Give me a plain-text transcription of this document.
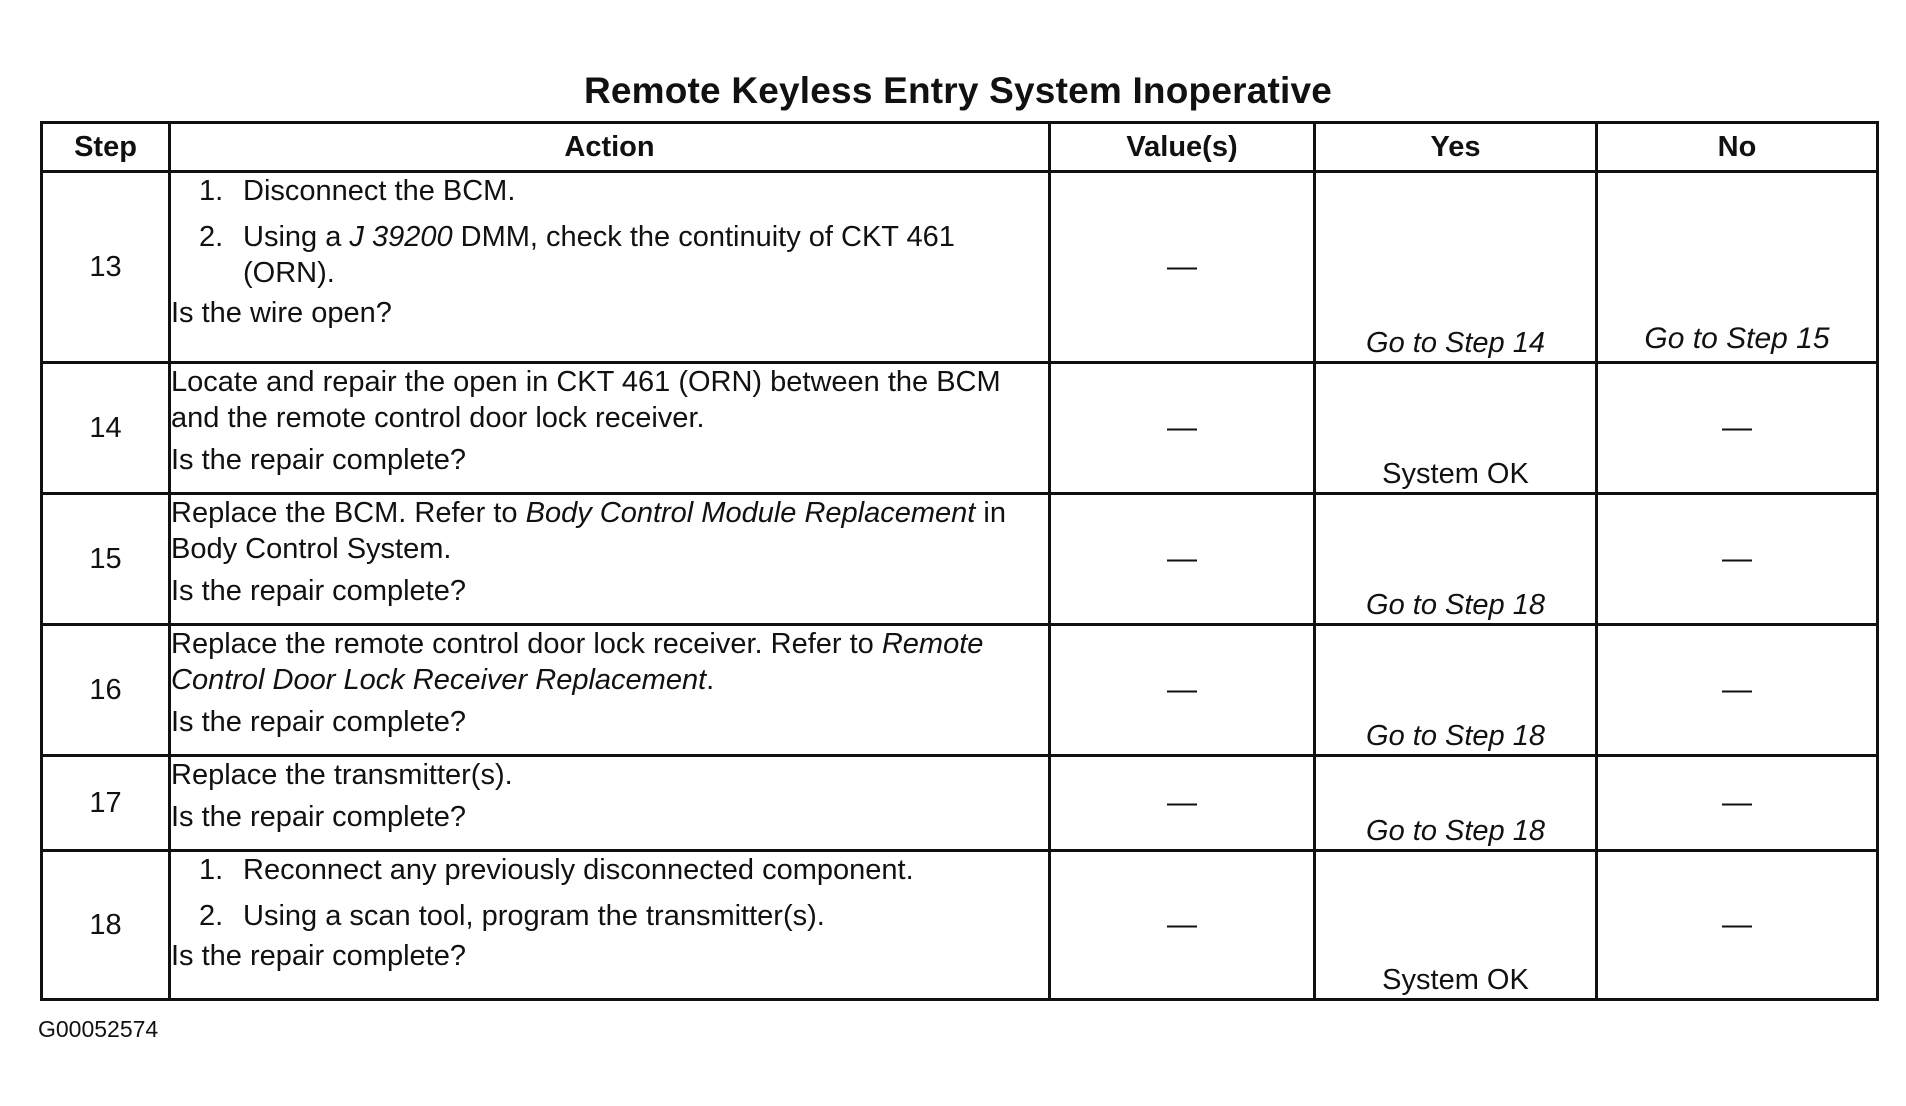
Remote Keyless Entry System Inoperative
Step	Action	Value(s)	Yes	No
13	1. Disconnect the BCM.
2. Using a J 39200 DMM, check the continuity of CKT 461 (ORN).
Is the wire open?	—	Go to Step 14	Go to Step 15
14	Locate and repair the open in CKT 461 (ORN) between the BCM and the remote control door lock receiver.
Is the repair complete?	—	System OK	—
15	Replace the BCM. Refer to Body Control Module Replacement in Body Control System.
Is the repair complete?	—	Go to Step 18	—
16	Replace the remote control door lock receiver. Refer to Remote Control Door Lock Receiver Replacement.
Is the repair complete?	—	Go to Step 18	—
17	Replace the transmitter(s).
Is the repair complete?	—	Go to Step 18	—
18	1. Reconnect any previously disconnected component.
2. Using a scan tool, program the transmitter(s).
Is the repair complete?	—	System OK	—
G00052574
